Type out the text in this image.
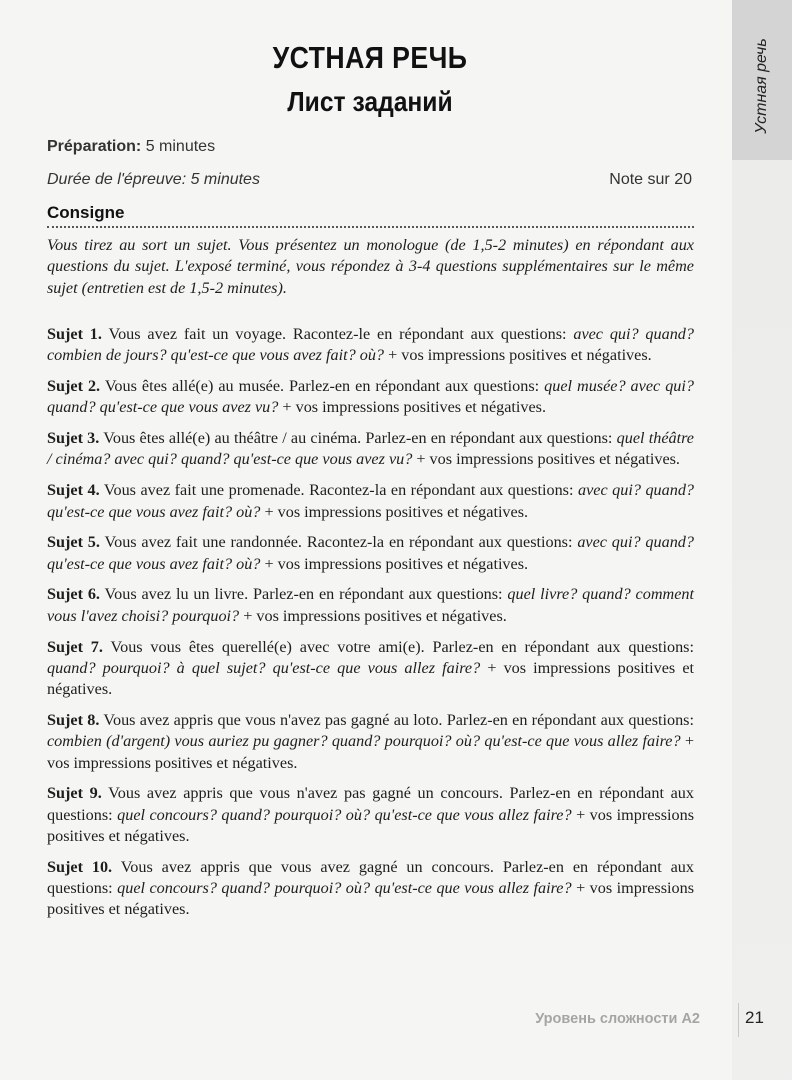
Устная речь
УСТНАЯ РЕЧЬ
Лист заданий
Préparation: 5 minutes
Durée de l'épreuve: 5 minutes	Note sur 20
Consigne
Vous tirez au sort un sujet. Vous présentez un monologue (de 1,5-2 minutes) en répondant aux questions du sujet. L'exposé terminé, vous répondez à 3-4 questions supplémentaires sur le même sujet (entretien est de 1,5-2 minutes).

Sujet 1. Vous avez fait un voyage. Racontez-le en répondant aux questions: avec qui? quand? combien de jours? qu'est-ce que vous avez fait? où? + vos impressions positives et négatives.

Sujet 2. Vous êtes allé(e) au musée. Parlez-en en répondant aux questions: quel musée? avec qui? quand? qu'est-ce que vous avez vu? + vos impressions positives et négatives.

Sujet 3. Vous êtes allé(e) au théâtre / au cinéma. Parlez-en en répondant aux questions: quel théâtre / cinéma? avec qui? quand? qu'est-ce que vous avez vu? + vos impressions positives et négatives.

Sujet 4. Vous avez fait une promenade. Racontez-la en répondant aux questions: avec qui? quand? qu'est-ce que vous avez fait? où? + vos impressions positives et négatives.

Sujet 5. Vous avez fait une randonnée. Racontez-la en répondant aux questions: avec qui? quand? qu'est-ce que vous avez fait? où? + vos impressions positives et négatives.

Sujet 6. Vous avez lu un livre. Parlez-en en répondant aux questions: quel livre? quand? comment vous l'avez choisi? pourquoi? + vos impressions positives et négatives.

Sujet 7. Vous vous êtes querellé(e) avec votre ami(e). Parlez-en en répondant aux questions: quand? pourquoi? à quel sujet? qu'est-ce que vous allez faire? + vos impressions positives et négatives.

Sujet 8. Vous avez appris que vous n'avez pas gagné au loto. Parlez-en en répondant aux questions: combien (d'argent) vous auriez pu gagner? quand? pourquoi? où? qu'est-ce que vous allez faire? + vos impressions positives et négatives.

Sujet 9. Vous avez appris que vous n'avez pas gagné un concours. Parlez-en en répondant aux questions: quel concours? quand? pourquoi? où? qu'est-ce que vous allez faire? + vos impressions positives et négatives.

Sujet 10. Vous avez appris que vous avez gagné un concours. Parlez-en en répondant aux questions: quel concours? quand? pourquoi? où? qu'est-ce que vous allez faire? + vos impressions positives et négatives.

Уровень сложности А2	21
